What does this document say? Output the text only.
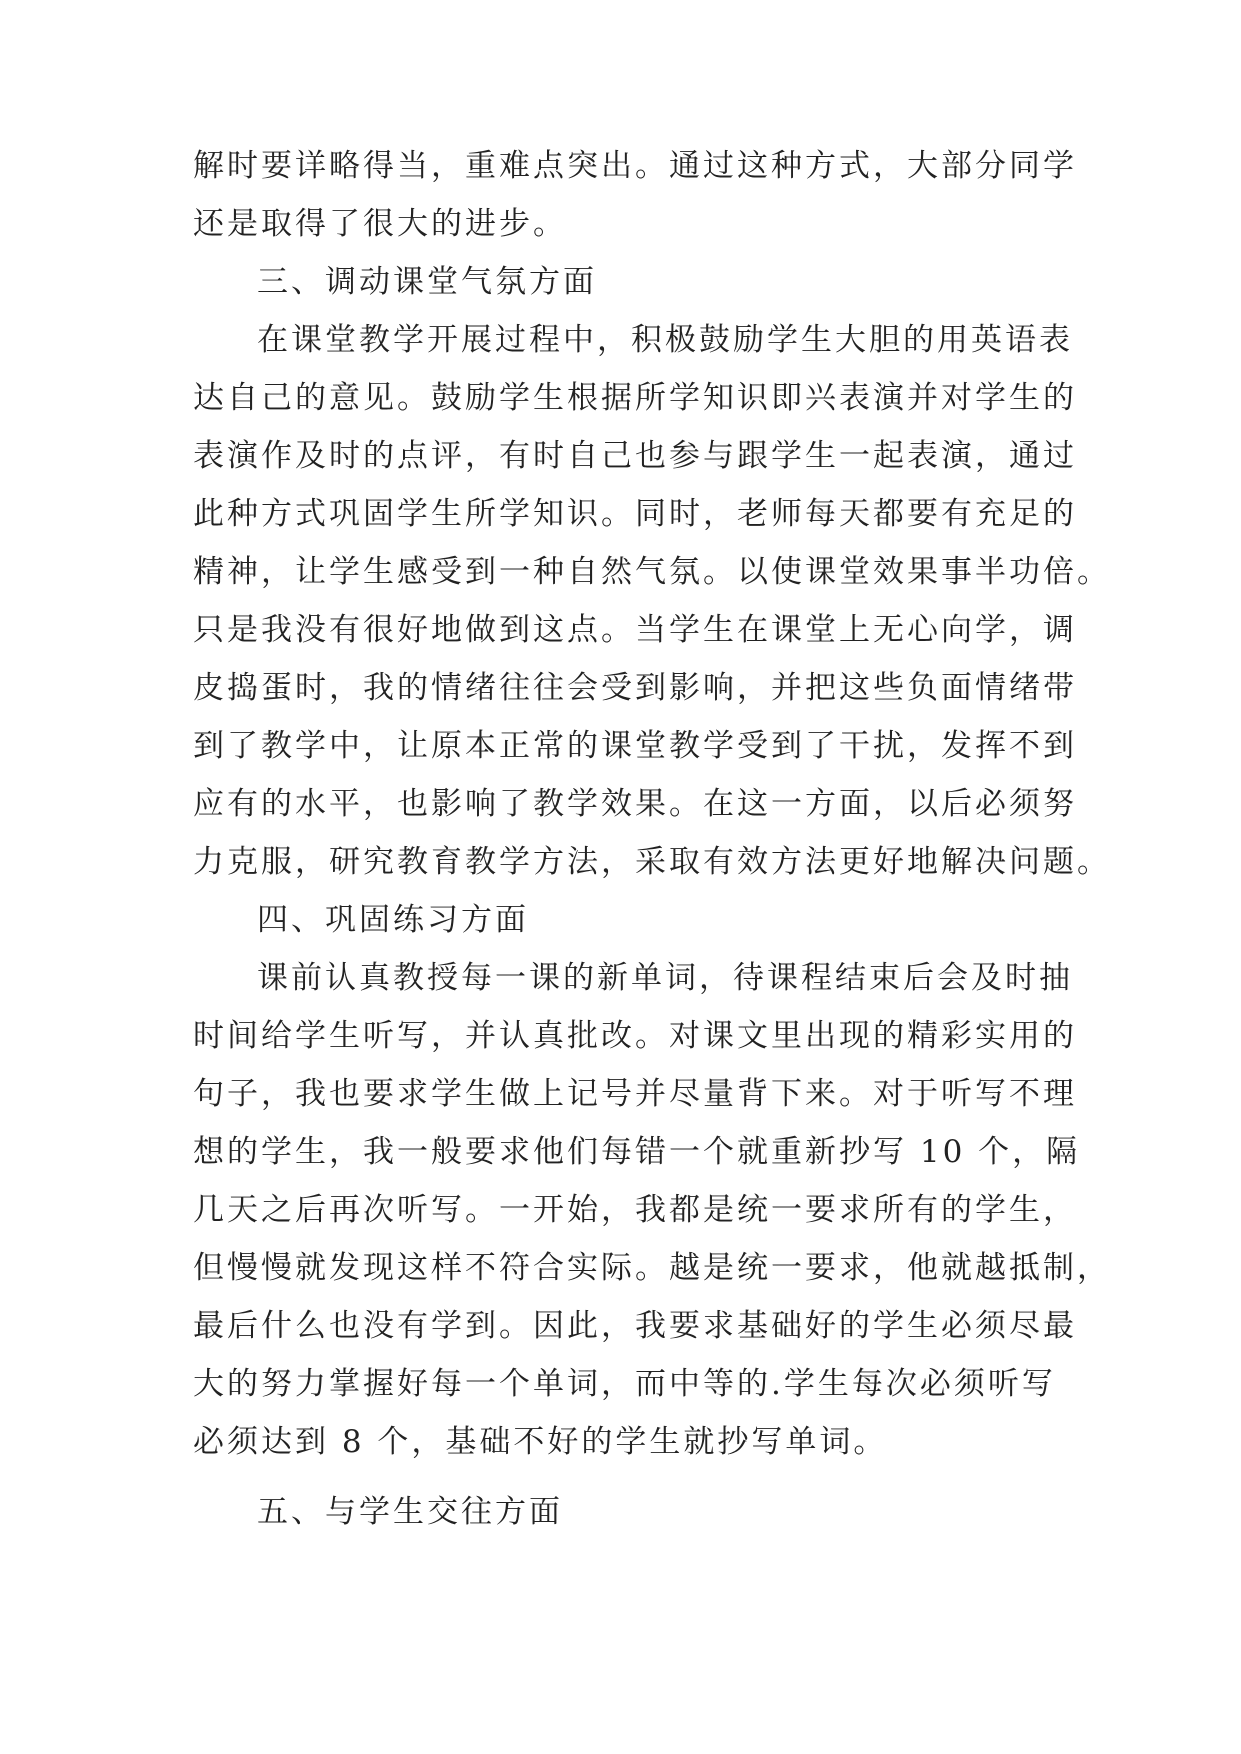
解时要详略得当，重难点突出。通过这种方式，大部分同学
还是取得了很大的进步。
三、调动课堂气氛方面
在课堂教学开展过程中，积极鼓励学生大胆的用英语表
达自己的意见。鼓励学生根据所学知识即兴表演并对学生的
表演作及时的点评，有时自己也参与跟学生一起表演，通过
此种方式巩固学生所学知识。同时，老师每天都要有充足的
精神，让学生感受到一种自然气氛。以使课堂效果事半功倍。
只是我没有很好地做到这点。当学生在课堂上无心向学，调
皮捣蛋时，我的情绪往往会受到影响，并把这些负面情绪带
到了教学中，让原本正常的课堂教学受到了干扰，发挥不到
应有的水平，也影响了教学效果。在这一方面，以后必须努
力克服，研究教育教学方法，采取有效方法更好地解决问题。
四、巩固练习方面
课前认真教授每一课的新单词，待课程结束后会及时抽
时间给学生听写，并认真批改。对课文里出现的精彩实用的
句子，我也要求学生做上记号并尽量背下来。对于听写不理
想的学生，我一般要求他们每错一个就重新抄写 10 个，隔
几天之后再次听写。一开始，我都是统一要求所有的学生，
但慢慢就发现这样不符合实际。越是统一要求，他就越抵制，
最后什么也没有学到。因此，我要求基础好的学生必须尽最
大的努力掌握好每一个单词，而中等的.学生每次必须听写
必须达到 8 个，基础不好的学生就抄写单词。
五、与学生交往方面
